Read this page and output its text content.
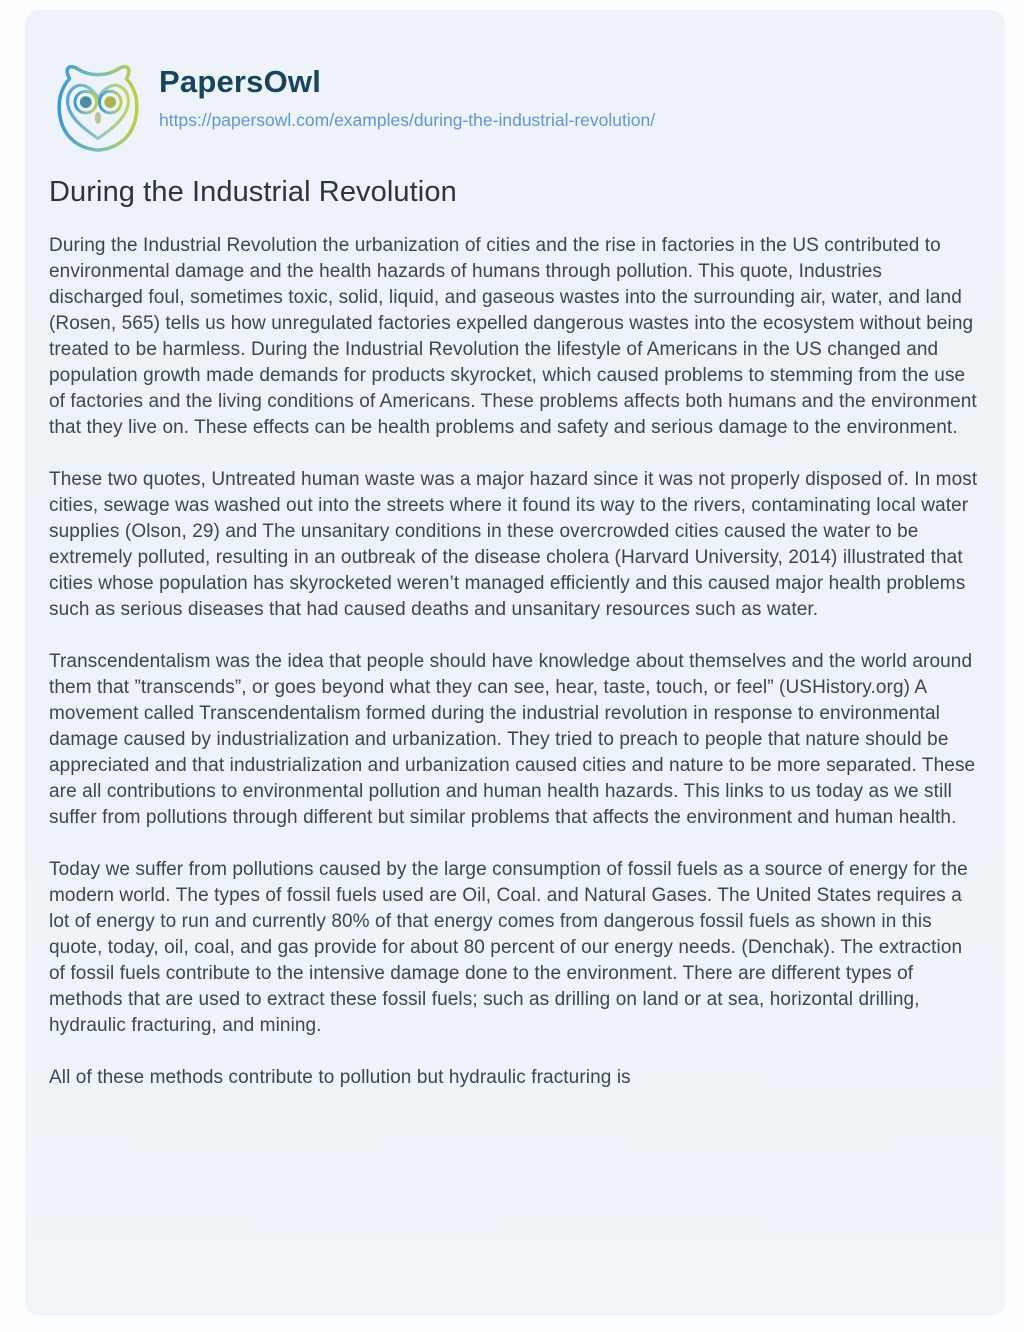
PapersOwl
https://papersowl.com/examples/during-the-industrial-revolution/
During the Industrial Revolution

During the Industrial Revolution the urbanization of cities and the rise in factories in the US contributed to environmental damage and the health hazards of humans through pollution. This quote, Industries discharged foul, sometimes toxic, solid, liquid, and gaseous wastes into the surrounding air, water, and land (Rosen, 565) tells us how unregulated factories expelled dangerous wastes into the ecosystem without being treated to be harmless. During the Industrial Revolution the lifestyle of Americans in the US changed and population growth made demands for products skyrocket, which caused problems to stemming from the use of factories and the living conditions of Americans. These problems affects both humans and the environment that they live on. These effects can be health problems and safety and serious damage to the environment.

These two quotes, Untreated human waste was a major hazard since it was not properly disposed of. In most cities, sewage was washed out into the streets where it found its way to the rivers, contaminating local water supplies (Olson, 29) and The unsanitary conditions in these overcrowded cities caused the water to be extremely polluted, resulting in an outbreak of the disease cholera (Harvard University, 2014) illustrated that cities whose population has skyrocketed weren’t managed efficiently and this caused major health problems such as serious diseases that had caused deaths and unsanitary resources such as water.

Transcendentalism was the idea that people should have knowledge about themselves and the world around them that ”transcends”, or goes beyond what they can see, hear, taste, touch, or feel” (USHistory.org) A movement called Transcendentalism formed during the industrial revolution in response to environmental damage caused by industrialization and urbanization. They tried to preach to people that nature should be appreciated and that industrialization and urbanization caused cities and nature to be more separated. These are all contributions to environmental pollution and human health hazards. This links to us today as we still suffer from pollutions through different but similar problems that affects the environment and human health.

Today we suffer from pollutions caused by the large consumption of fossil fuels as a source of energy for the modern world. The types of fossil fuels used are Oil, Coal. and Natural Gases. The United States requires a lot of energy to run and currently 80% of that energy comes from dangerous fossil fuels as shown in this quote, today, oil, coal, and gas provide for about 80 percent of our energy needs. (Denchak). The extraction of fossil fuels contribute to the intensive damage done to the environment. There are different types of methods that are used to extract these fossil fuels; such as drilling on land or at sea, horizontal drilling, hydraulic fracturing, and mining.

All of these methods contribute to pollution but hydraulic fracturing is
